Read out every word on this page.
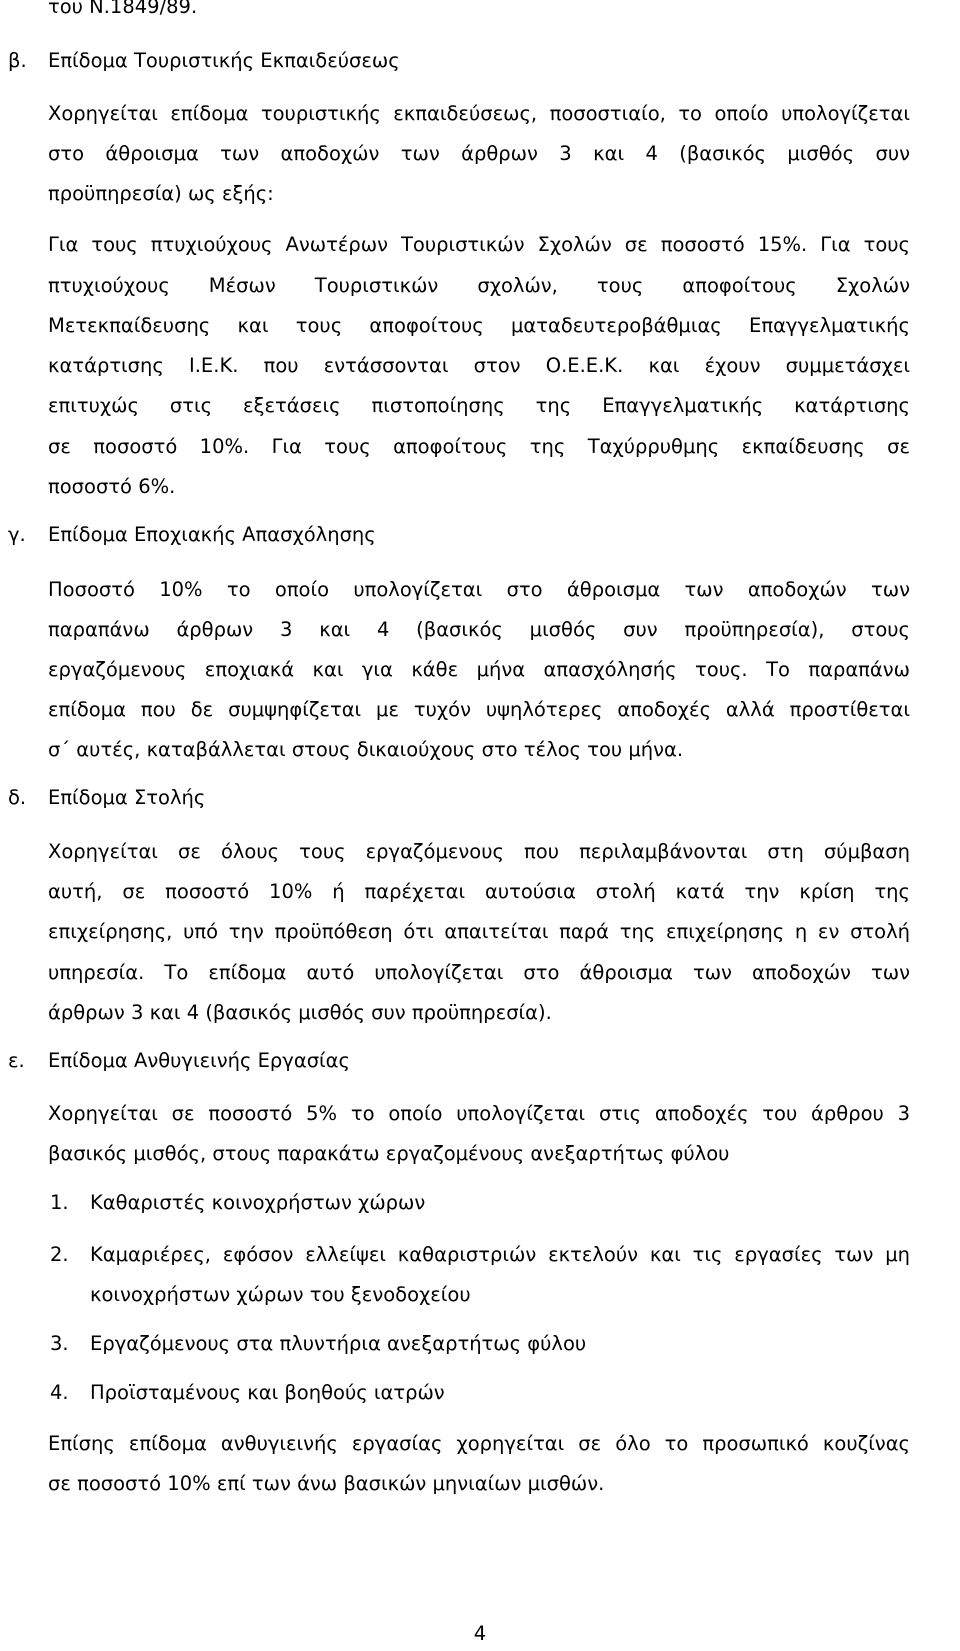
του Ν.1849/89.
β. Επίδομα Τουριστικής Εκπαιδεύσεως
Χορηγείται επίδομα τουριστικής εκπαιδεύσεως, ποσοστιαίο, το οποίο υπολογίζεται
στο άθροισμα των αποδοχών των άρθρων 3 και 4 (βασικός μισθός συν
προϋπηρεσία) ως εξής:
Για τους πτυχιούχους Ανωτέρων Τουριστικών Σχολών σε ποσοστό 15%. Για τους
πτυχιούχους Μέσων Τουριστικών σχολών, τους αποφοίτους Σχολών
Μετεκπαίδευσης και τους αποφοίτους ματαδευτεροβάθμιας Επαγγελματικής
κατάρτισης Ι.Ε.Κ. που εντάσσονται στον Ο.Ε.Ε.Κ. και έχουν συμμετάσχει
επιτυχώς στις εξετάσεις πιστοποίησης της Επαγγελματικής κατάρτισης
σε ποσοστό 10%. Για τους αποφοίτους της Ταχύρρυθμης εκπαίδευσης σε
ποσοστό 6%.
γ. Επίδομα Εποχιακής Απασχόλησης
Ποσοστό 10% το οποίο υπολογίζεται στο άθροισμα των αποδοχών των
παραπάνω άρθρων 3 και 4 (βασικός μισθός συν προϋπηρεσία), στους
εργαζόμενους εποχιακά και για κάθε μήνα απασχόλησής τους. Το παραπάνω
επίδομα που δε συμψηφίζεται με τυχόν υψηλότερες αποδοχές αλλά προστίθεται
σ΄ αυτές, καταβάλλεται στους δικαιούχους στο τέλος του μήνα.
δ. Επίδομα Στολής
Χορηγείται σε όλους τους εργαζόμενους που περιλαμβάνονται στη σύμβαση
αυτή, σε ποσοστό 10% ή παρέχεται αυτούσια στολή κατά την κρίση της
επιχείρησης, υπό την προϋπόθεση ότι απαιτείται παρά της επιχείρησης η εν στολή
υπηρεσία. Το επίδομα αυτό υπολογίζεται στο άθροισμα των αποδοχών των
άρθρων 3 και 4 (βασικός μισθός συν προϋπηρεσία).
ε. Επίδομα Ανθυγιεινής Εργασίας
Χορηγείται σε ποσοστό 5% το οποίο υπολογίζεται στις αποδοχές του άρθρου 3
βασικός μισθός, στους παρακάτω εργαζομένους ανεξαρτήτως φύλου
1. Καθαριστές κοινοχρήστων χώρων
2. Καμαριέρες, εφόσον ελλείψει καθαριστριών εκτελούν και τις εργασίες των μη
κοινοχρήστων χώρων του ξενοδοχείου
3. Εργαζόμενους στα πλυντήρια ανεξαρτήτως φύλου
4. Προϊσταμένους και βοηθούς ιατρών
Επίσης επίδομα ανθυγιεινής εργασίας χορηγείται σε όλο το προσωπικό κουζίνας
σε ποσοστό 10% επί των άνω βασικών μηνιαίων μισθών.
4
